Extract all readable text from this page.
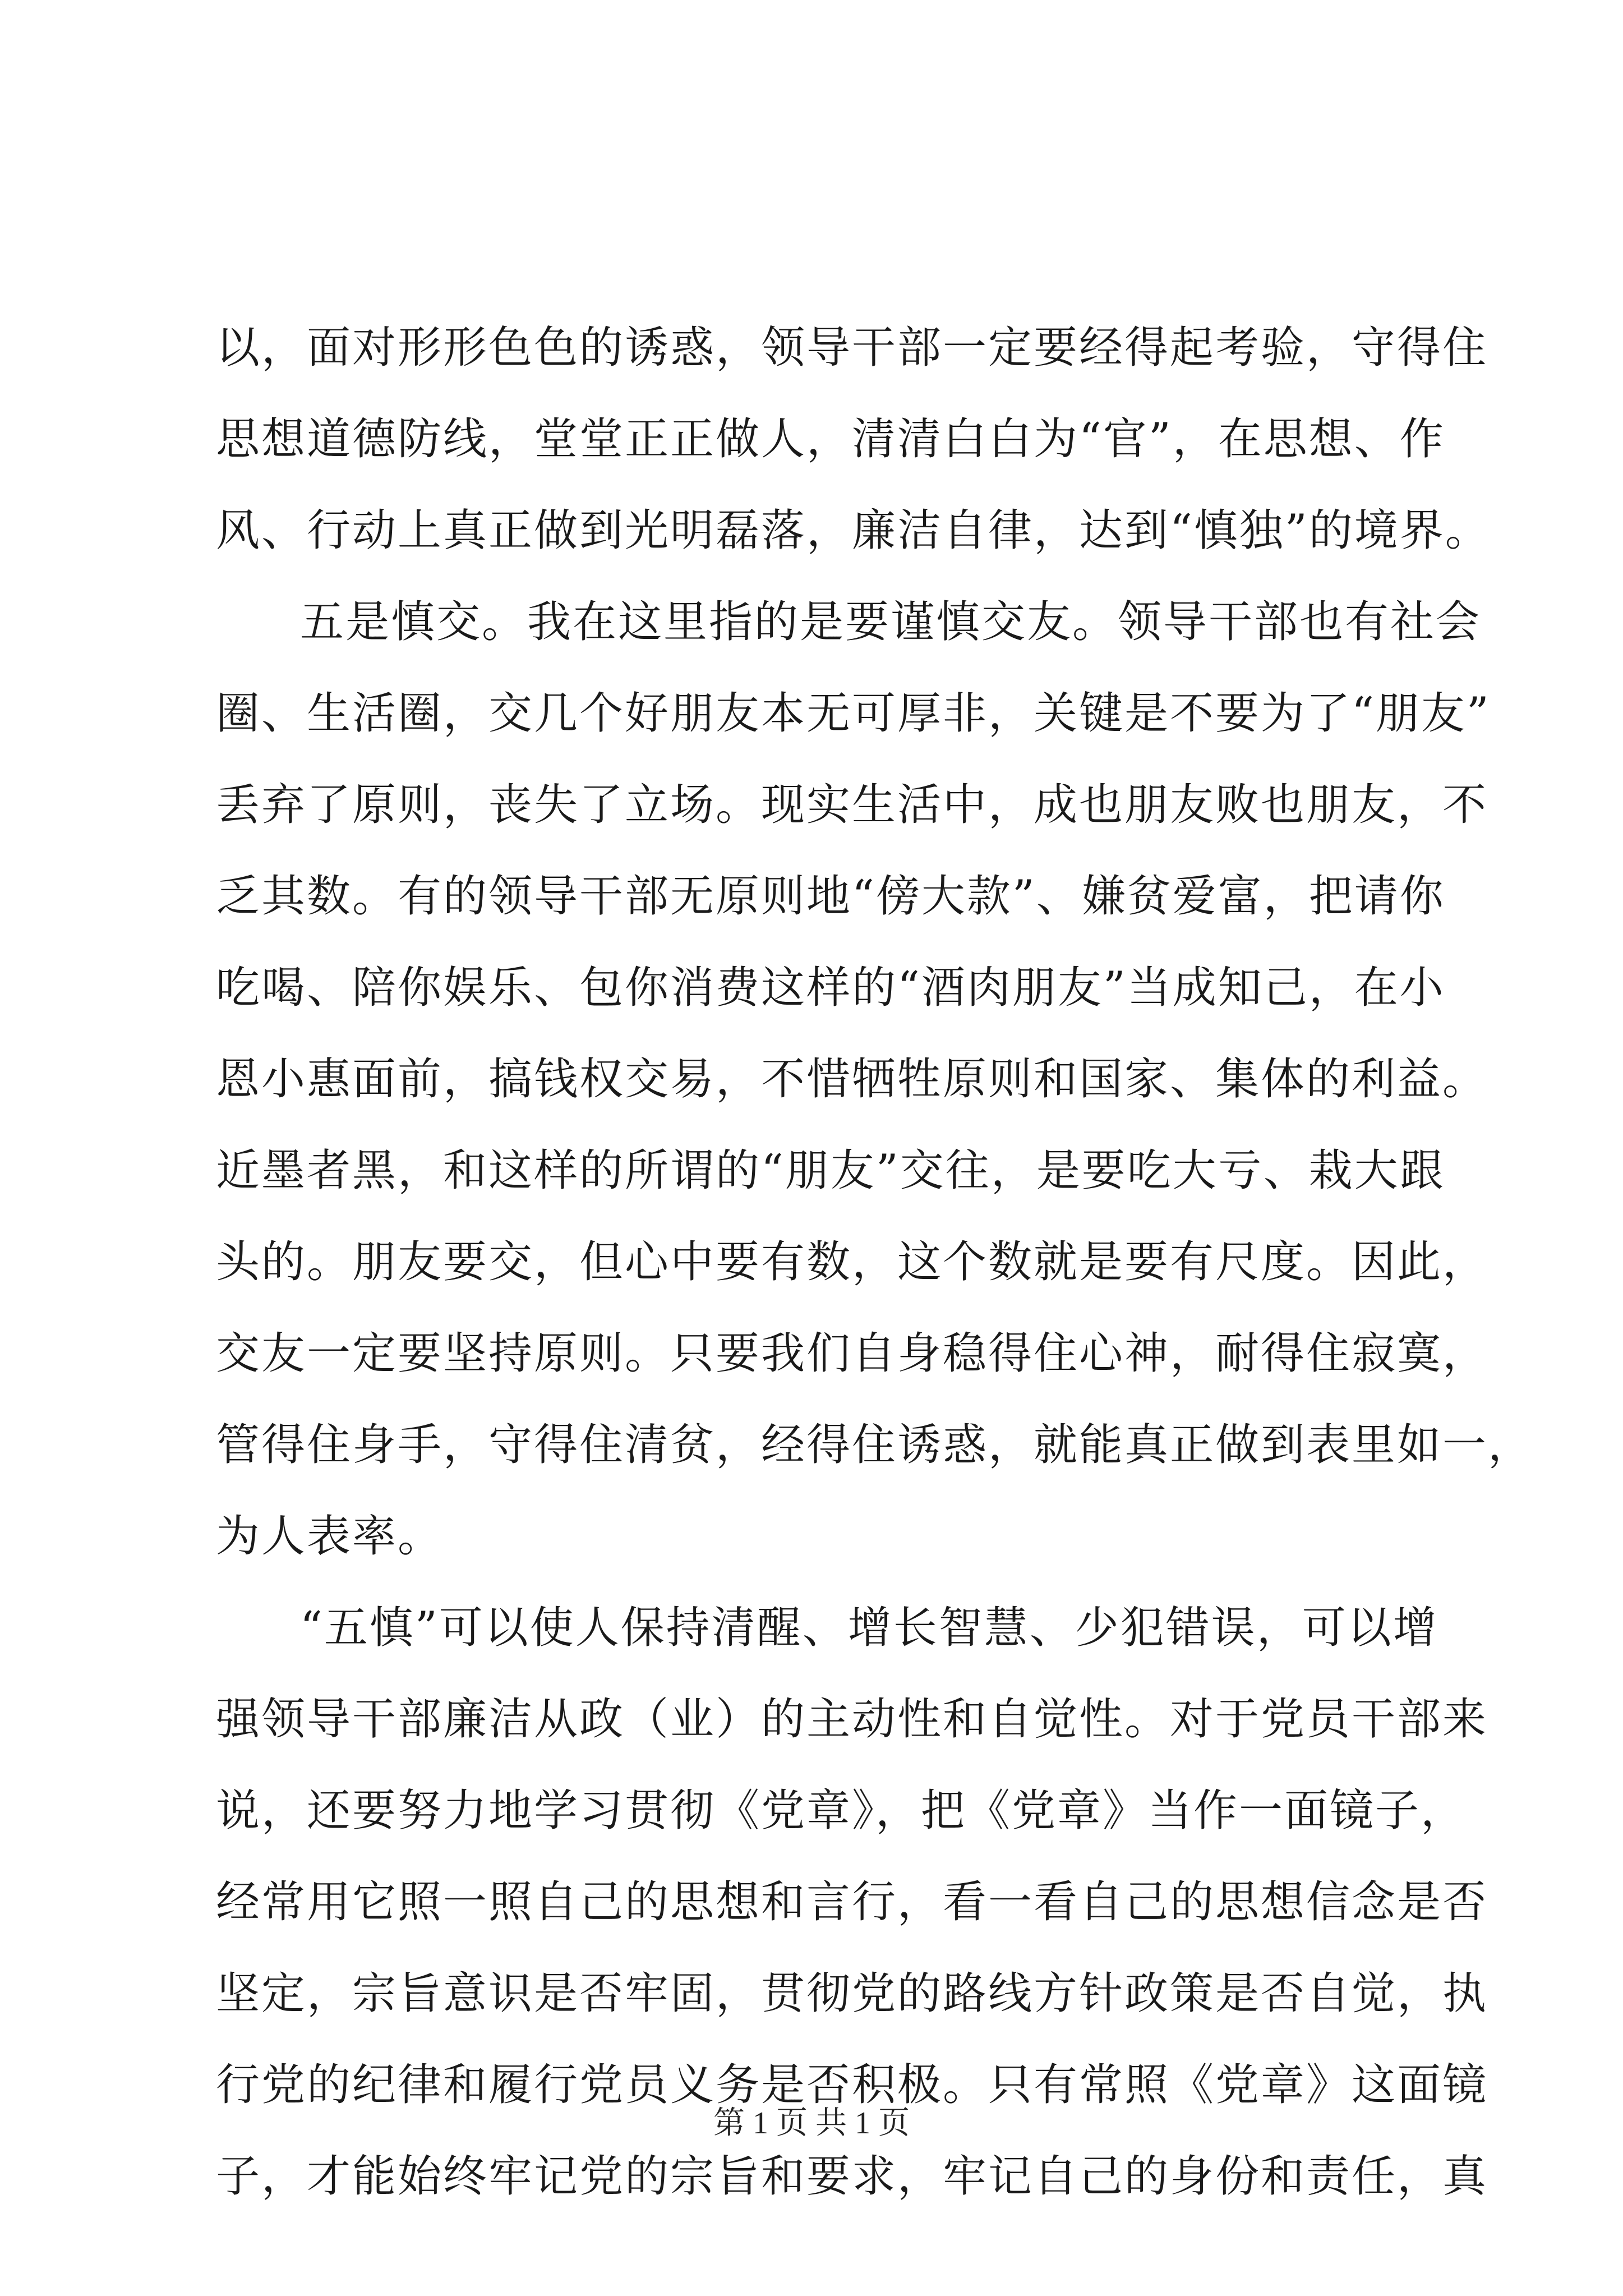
以，面对形形色色的诱惑，领导干部一定要经得起考验，守得住
思想道德防线，堂堂正正做人，清清白白为“官”，在思想、作
风、行动上真正做到光明磊落，廉洁自律，达到“慎独”的境界。
五是慎交。我在这里指的是要谨慎交友。领导干部也有社会
圈、生活圈，交几个好朋友本无可厚非，关键是不要为了“朋友”
丢弃了原则，丧失了立场。现实生活中，成也朋友败也朋友，不
乏其数。有的领导干部无原则地“傍大款”、嫌贫爱富，把请你
吃喝、陪你娱乐、包你消费这样的“酒肉朋友”当成知己，在小
恩小惠面前，搞钱权交易，不惜牺牲原则和国家、集体的利益。
近墨者黑，和这样的所谓的“朋友”交往，是要吃大亏、栽大跟
头的。朋友要交，但心中要有数，这个数就是要有尺度。因此，
交友一定要坚持原则。只要我们自身稳得住心神，耐得住寂寞，
管得住身手，守得住清贫，经得住诱惑，就能真正做到表里如一，
为人表率。
“五慎”可以使人保持清醒、增长智慧、少犯错误，可以增
强领导干部廉洁从政（业）的主动性和自觉性。对于党员干部来
说，还要努力地学习贯彻《党章》，把《党章》当作一面镜子，
经常用它照一照自己的思想和言行，看一看自己的思想信念是否
坚定，宗旨意识是否牢固，贯彻党的路线方针政策是否自觉，执
行党的纪律和履行党员义务是否积极。只有常照《党章》这面镜
子，才能始终牢记党的宗旨和要求，牢记自己的身份和责任，真
第 1 页 共 1 页
